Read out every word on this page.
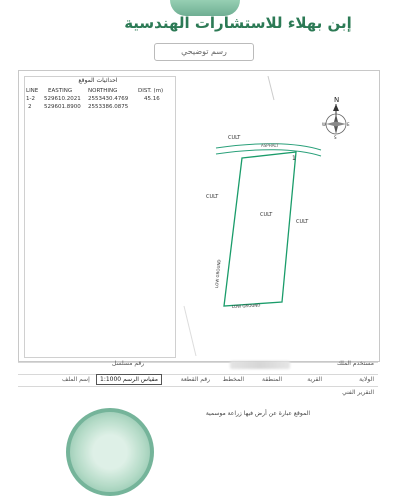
إبن بهلاء للاستشارات الهندسية
رسم توضيحي
احداثيات الموقع
LINE EASTING	NORTHING	DIST. (m)
1-2 529610.2021 2553430.4769	45.16
2 529601.8900 2553386.0875
ASPHALT
1
CULT
CULT
CULT
CULT
LOW GROUND
LOW GROUND
N
W	E
S
مستخدم الملك
رقم مسلسل
الولاية
القرية
المنطقة
المخطط
رقم القطعة
مقياس الرسم 1:1000
إسم الملف
التقرير الفني
الموقع عبارة عن أرض فيها زراعة موسمية
